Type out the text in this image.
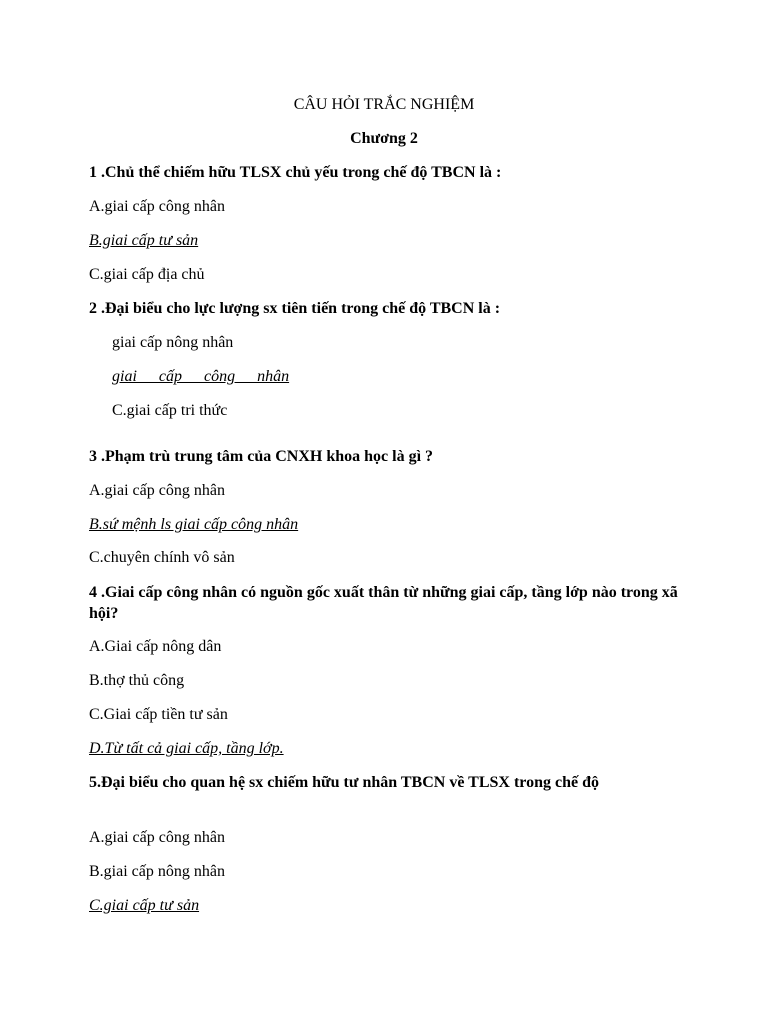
CÂU HỎI TRẮC NGHIỆM
Chương 2
1 .Chủ thể chiếm hữu TLSX chủ yếu trong chế độ TBCN là :
A.giai cấp công nhân
B.giai cấp tư sản
C.giai cấp địa chủ
2 .Đại biểu cho lực lượng sx tiên tiến trong chế độ TBCN là :
giai cấp nông nhân
giai cấp công nhân
C.giai cấp tri thức
3 .Phạm trù trung tâm của CNXH khoa học là gì ?
A.giai cấp công nhân
B.sứ mệnh ls giai cấp công nhân
C.chuyên chính vô sản
4 .Giai cấp công nhân có nguồn gốc xuất thân từ những giai cấp, tầng lớp nào trong xã hội?
A.Giai cấp nông dân
B.thợ thủ công
C.Giai cấp tiền tư sản
D.Từ tất cả giai cấp, tầng lớp.
5.Đại biểu cho quan hệ sx chiếm hữu tư nhân TBCN về TLSX trong chế độ
A.giai cấp công nhân
B.giai cấp nông nhân
C.giai cấp tư sản
